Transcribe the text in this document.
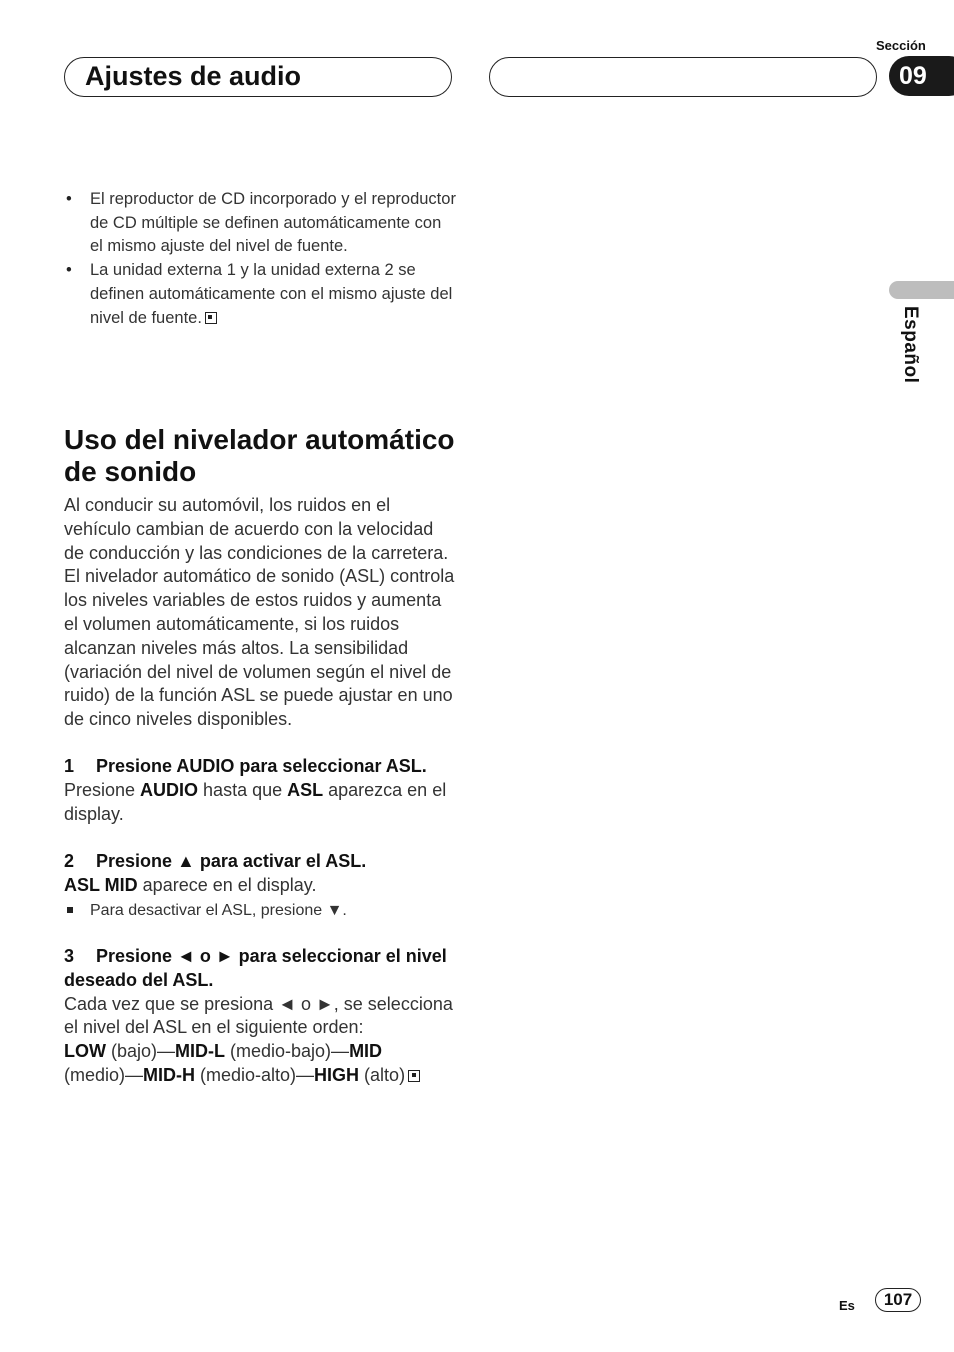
Ajustes de audio
Sección
09
Español
• El reproductor de CD incorporado y el reproductor de CD múltiple se definen automáticamente con el mismo ajuste del nivel de fuente.
• La unidad externa 1 y la unidad externa 2 se definen automáticamente con el mismo ajuste del nivel de fuente.
Uso del nivelador automático de sonido

Al conducir su automóvil, los ruidos en el vehículo cambian de acuerdo con la velocidad de conducción y las condiciones de la carretera. El nivelador automático de sonido (ASL) controla los niveles variables de estos ruidos y aumenta el volumen automáticamente, si los ruidos alcanzan niveles más altos. La sensibilidad (variación del nivel de volumen según el nivel de ruido) de la función ASL se puede ajustar en uno de cinco niveles disponibles.

1 Presione AUDIO para seleccionar ASL.

Presione AUDIO hasta que ASL aparezca en el display.

2 Presione ▲ para activar el ASL.

ASL MID aparece en el display.

Para desactivar el ASL, presione ▼.

3 Presione ◄ o ► para seleccionar el nivel deseado del ASL.

Cada vez que se presiona ◄ o ►, se selecciona el nivel del ASL en el siguiente orden:

LOW (bajo)—MID-L (medio-bajo)—MID
(medio)—MID-H (medio-alto)—HIGH (alto)

Es	107
